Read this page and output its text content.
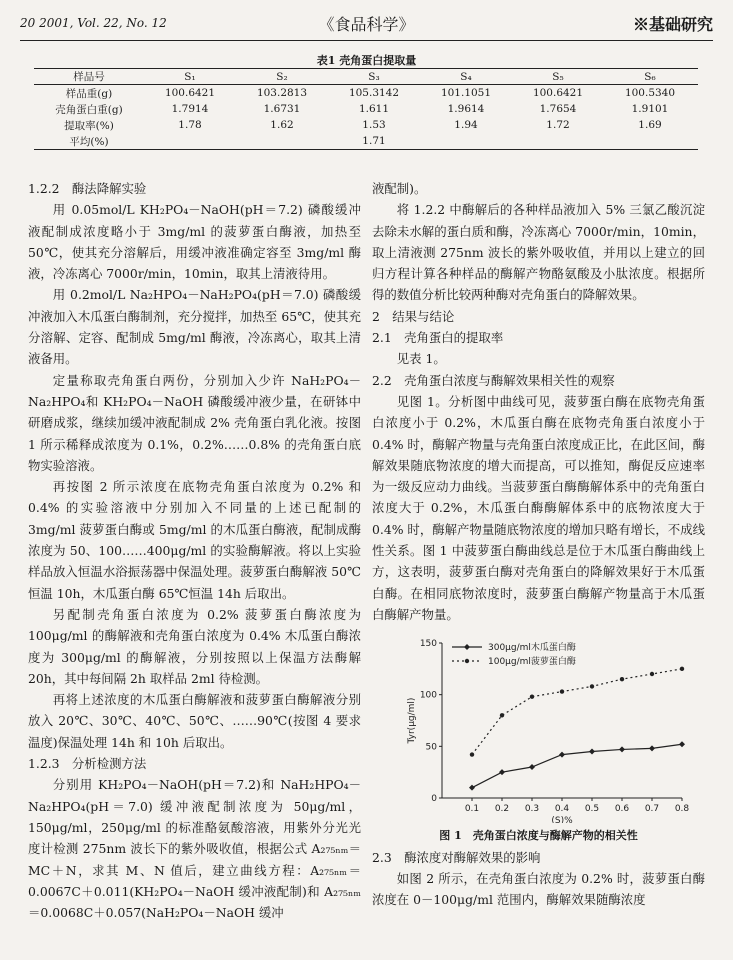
20 2001, Vol. 22, No. 12	《食品科学》	※基础研究
表1 壳角蛋白提取量
样品号	S₁	S₂	S₃	S₄	S₅	S₆
样品重(g)	100.6421	103.2813	105.3142	101.1051	100.6421	100.5340
壳角蛋白重(g)	1.7914	1.6731	1.611	1.9614	1.7654	1.9101
提取率(%)	1.78	1.62	1.53	1.94	1.72	1.69
平均(%)	1.71

1.2.2　酶法降解实验

用 0.05mol/L KH₂PO₄－NaOH(pH＝7.2) 磷酸缓冲液配制成浓度略小于 3mg/ml 的菠萝蛋白酶液，加热至 50℃，使其充分溶解后，用缓冲液准确定容至 3mg/ml 酶液，冷冻离心 7000r/min，10min，取其上清液待用。

用 0.2mol/L Na₂HPO₄－NaH₂PO₄(pH＝7.0) 磷酸缓冲液加入木瓜蛋白酶制剂，充分搅拌，加热至 65℃，使其充分溶解、定容、配制成 5mg/ml 酶液，冷冻离心，取其上清液备用。

定量称取壳角蛋白两份，分别加入少许 NaH₂PO₄－Na₂HPO₄和 KH₂PO₄－NaOH 磷酸缓冲液少量，在研钵中研磨成浆，继续加缓冲液配制成 2% 壳角蛋白乳化液。按图 1 所示稀释成浓度为 0.1%，0.2%……0.8% 的壳角蛋白底物实验溶液。

再按图 2 所示浓度在底物壳角蛋白浓度为 0.2% 和 0.4% 的实验溶液中分别加入不同量的上述已配制的 3mg/ml 菠萝蛋白酶或 5mg/ml 的木瓜蛋白酶液，配制成酶浓度为 50、100……400μg/ml 的实验酶解液。将以上实验样品放入恒温水浴振荡器中保温处理。菠萝蛋白酶解液 50℃恒温 10h，木瓜蛋白酶 65℃恒温 14h 后取出。

另配制壳角蛋白浓度为 0.2% 菠萝蛋白酶浓度为 100μg/ml 的酶解液和壳角蛋白浓度为 0.4% 木瓜蛋白酶浓度为 300μg/ml 的酶解液，分别按照以上保温方法酶解 20h，其中每间隔 2h 取样品 2ml 待检测。

再将上述浓度的木瓜蛋白酶解液和菠萝蛋白酶解液分别放入 20℃、30℃、40℃、50℃、……90℃(按图 4 要求温度)保温处理 14h 和 10h 后取出。

1.2.3　分析检测方法

分别用 KH₂PO₄－NaOH(pH＝7.2)和 NaH₂HPO₄－Na₂HPO₄(pH＝7.0) 缓冲液配制浓度为 50μg/ml，150μg/ml，250μg/ml 的标准酪氨酸溶液，用紫外分光光度计检测 275nm 波长下的紫外吸收值，根据公式 A₂₇₅ₙₘ＝MC＋N，求其 M、N 值后，建立曲线方程：A₂₇₅ₙₘ＝0.0067C＋0.011(KH₂PO₄－NaOH 缓冲液配制)和 A₂₇₅ₙₘ＝0.0068C＋0.057(NaH₂PO₄－NaOH 缓冲

液配制)。

将 1.2.2 中酶解后的各种样品液加入 5% 三氯乙酸沉淀去除未水解的蛋白质和酶，冷冻离心 7000r/min，10min，取上清液测 275nm 波长的紫外吸收值，并用以上建立的回归方程计算各种样品的酶解产物酪氨酸及小肽浓度。根据所得的数值分析比较两种酶对壳角蛋白的降解效果。

2　结果与结论

2.1　壳角蛋白的提取率

见表 1。

2.2　壳角蛋白浓度与酶解效果相关性的观察

见图 1。分析图中曲线可见，菠萝蛋白酶在底物壳角蛋白浓度小于 0.2%，木瓜蛋白酶在底物壳角蛋白浓度小于 0.4% 时，酶解产物量与壳角蛋白浓度成正比，在此区间，酶解效果随底物浓度的增大而提高，可以推知，酶促反应速率为一级反应动力曲线。当菠萝蛋白酶酶解体系中的壳角蛋白浓度大于 0.2%，木瓜蛋白酶酶解体系中的底物浓度大于 0.4% 时，酶解产物量随底物浓度的增加只略有增长，不成线性关系。图 1 中菠萝蛋白酶曲线总是位于木瓜蛋白酶曲线上方，这表明，菠萝蛋白酶对壳角蛋白的降解效果好于木瓜蛋白酶。在相同底物浓度时，菠萝蛋白酶解产物量高于木瓜蛋白酶解产物量。

0
50
100
150
0.1 0.2 0.3 0.4 0.5 0.6 0.7 0.8
(S)%
Tyr(μg/ml)
300μg/ml木瓜蛋白酶
100μg/ml菠萝蛋白酶

图 1　壳角蛋白浓度与酶解产物的相关性

2.3　酶浓度对酶解效果的影响

如图 2 所示，在壳角蛋白浓度为 0.2% 时，菠萝蛋白酶浓度在 0－100μg/ml 范围内，酶解效果随酶浓度
